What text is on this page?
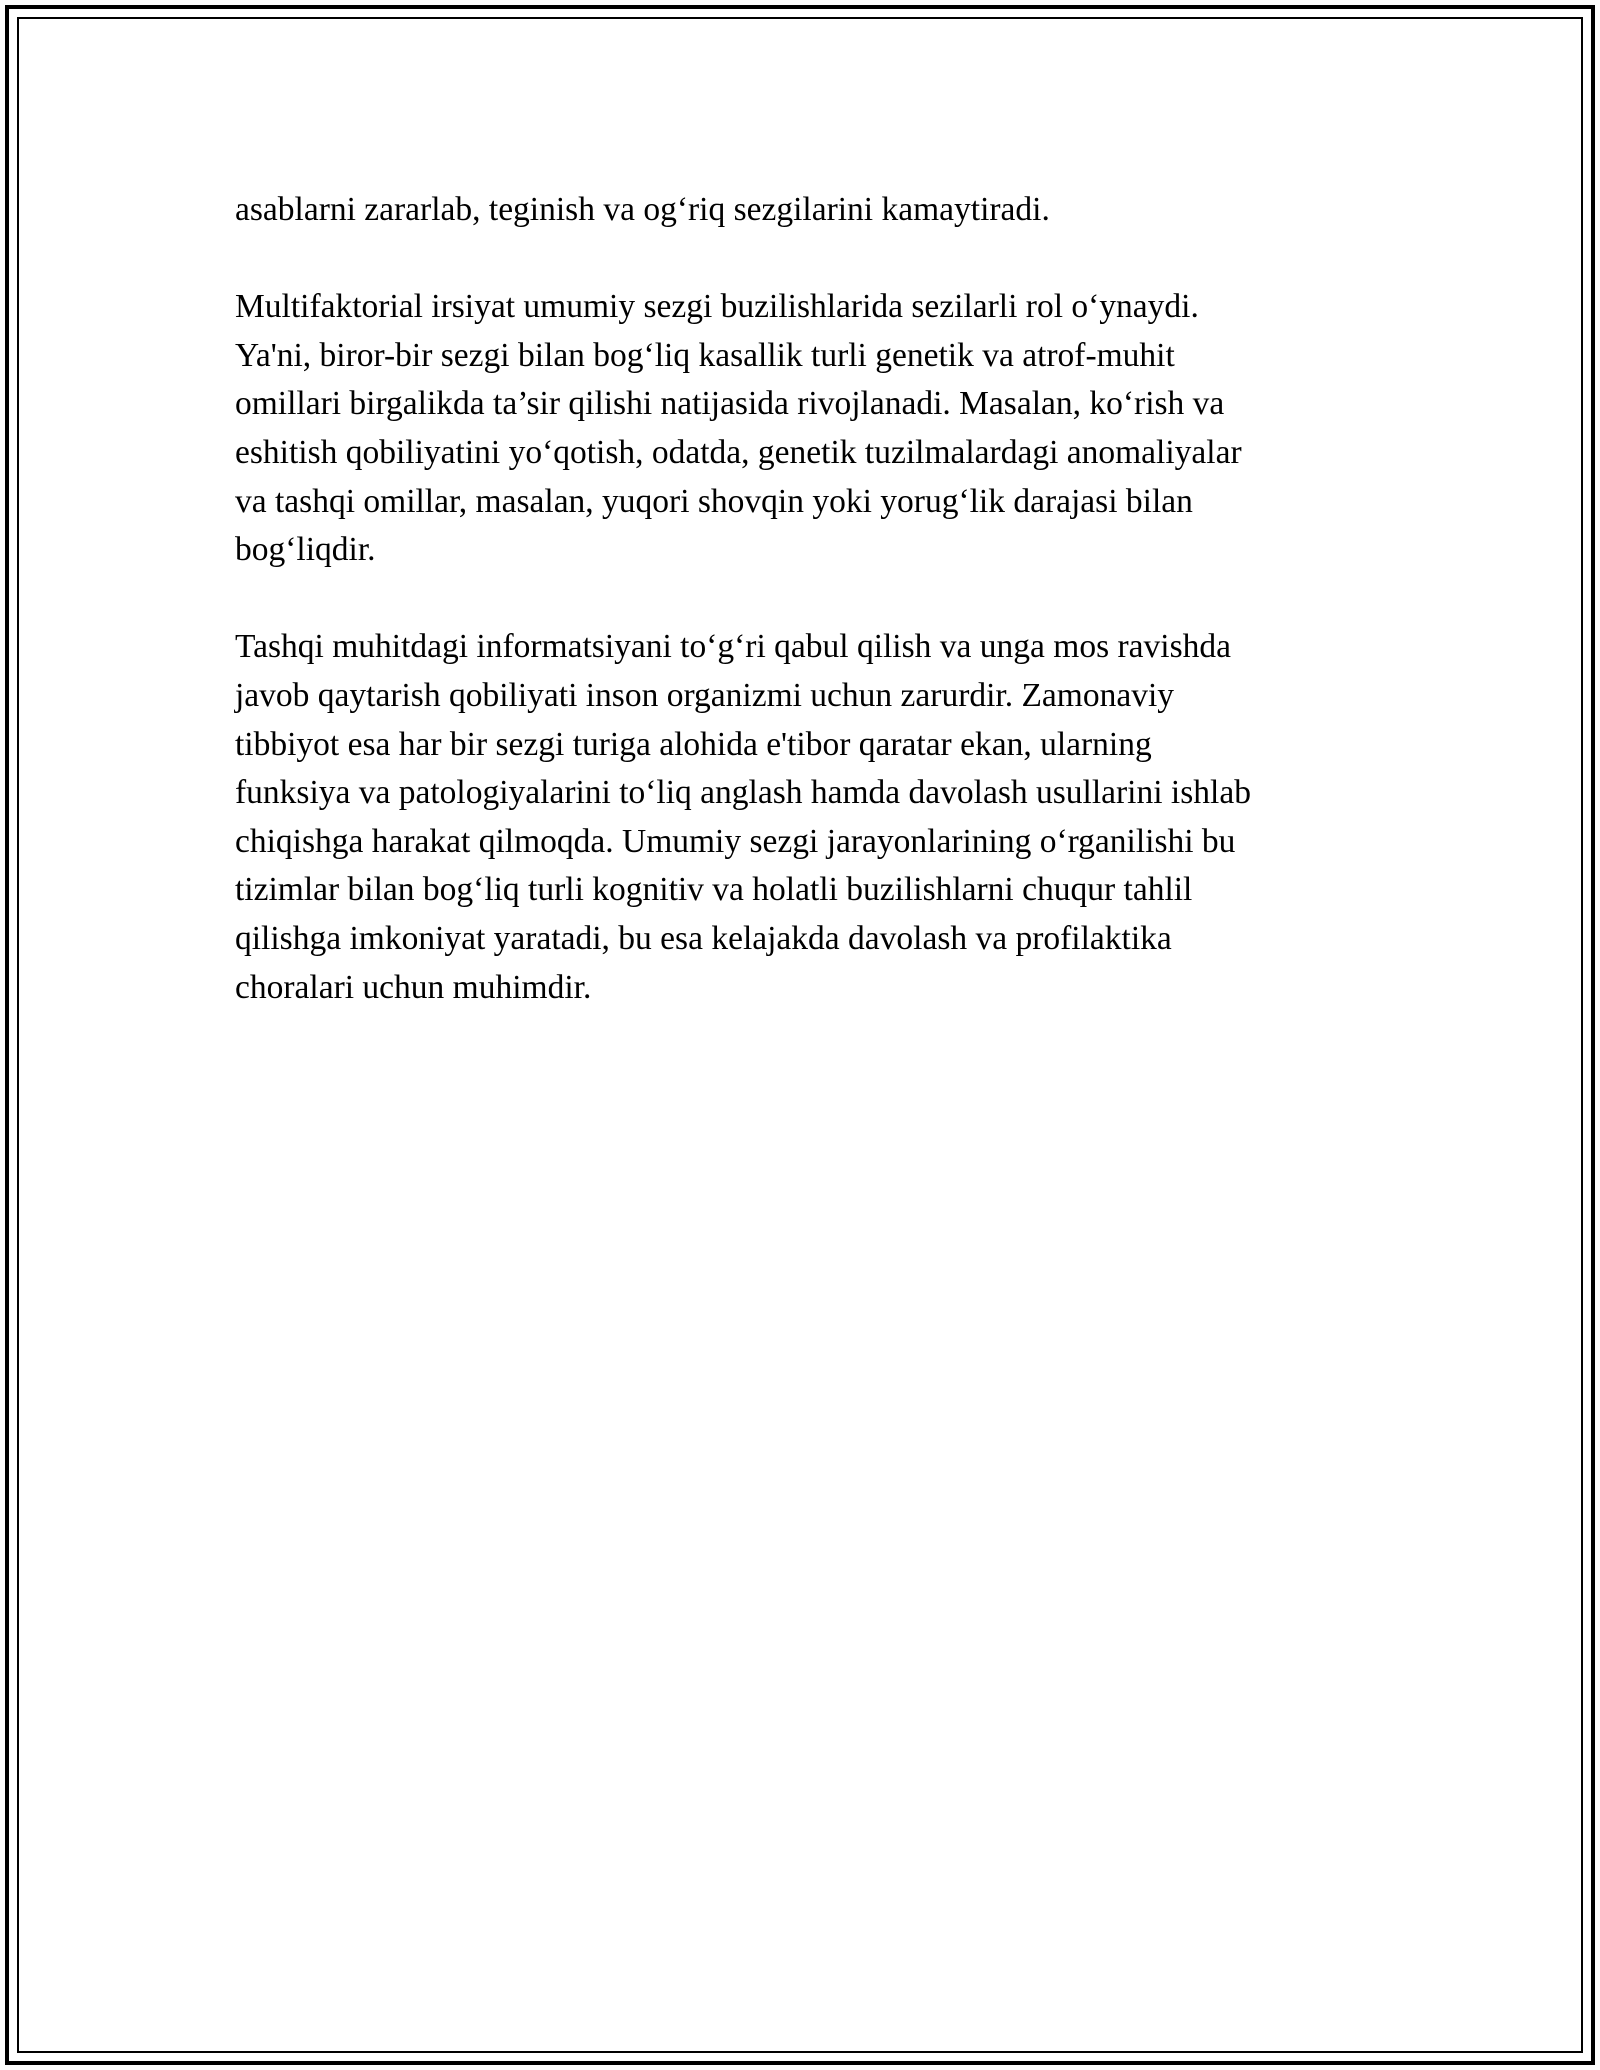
asablarni zararlab, teginish va og‘riq sezgilarini kamaytiradi.

Multifaktorial irsiyat umumiy sezgi buzilishlarida sezilarli rol o‘ynaydi.
Ya'ni, biror-bir sezgi bilan bog‘liq kasallik turli genetik va atrof-muhit
omillari birgalikda ta’sir qilishi natijasida rivojlanadi. Masalan, ko‘rish va
eshitish qobiliyatini yo‘qotish, odatda, genetik tuzilmalardagi anomaliyalar
va tashqi omillar, masalan, yuqori shovqin yoki yorug‘lik darajasi bilan
bog‘liqdir.

Tashqi muhitdagi informatsiyani to‘g‘ri qabul qilish va unga mos ravishda
javob qaytarish qobiliyati inson organizmi uchun zarurdir. Zamonaviy
tibbiyot esa har bir sezgi turiga alohida e'tibor qaratar ekan, ularning
funksiya va patologiyalarini to‘liq anglash hamda davolash usullarini ishlab
chiqishga harakat qilmoqda. Umumiy sezgi jarayonlarining o‘rganilishi bu
tizimlar bilan bog‘liq turli kognitiv va holatli buzilishlarni chuqur tahlil
qilishga imkoniyat yaratadi, bu esa kelajakda davolash va profilaktika
choralari uchun muhimdir.
